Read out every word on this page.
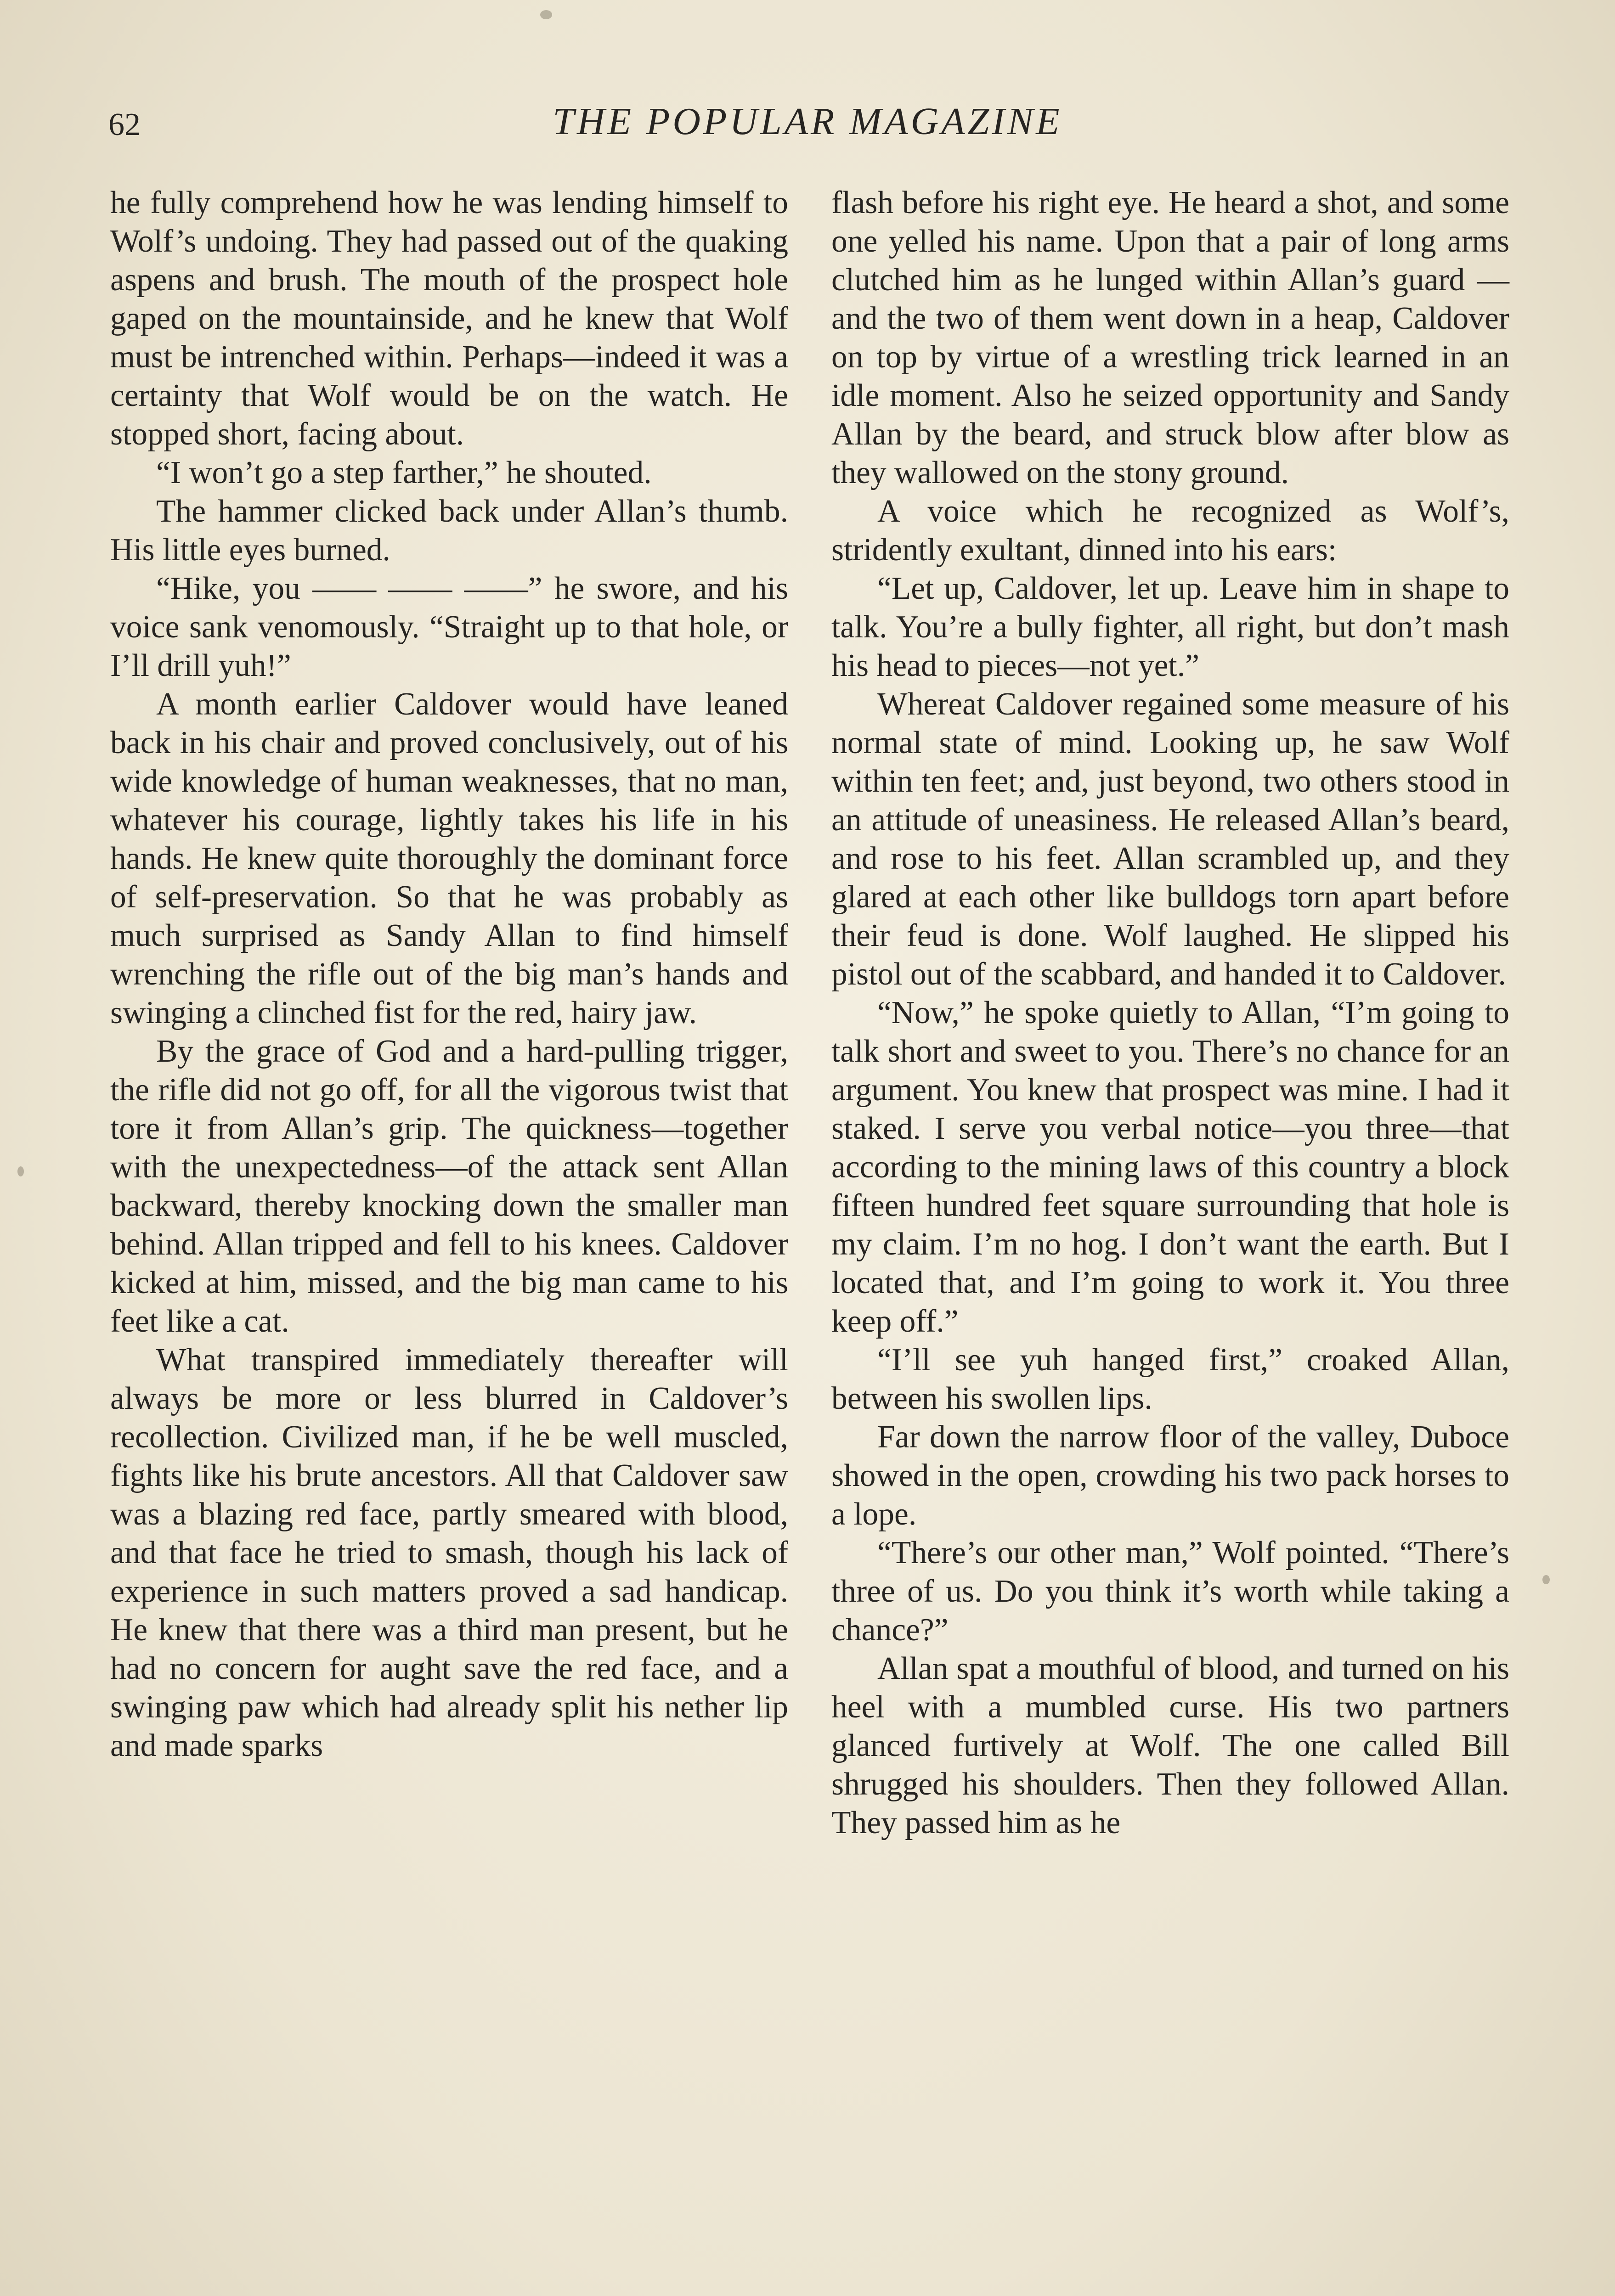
62	THE POPULAR MAGAZINE

he fully comprehend how he was lending himself to Wolf’s undoing. They had passed out of the quaking aspens and brush. The mouth of the prospect hole gaped on the mountainside, and he knew that Wolf must be intrenched within. Perhaps—indeed it was a certainty that Wolf would be on the watch. He stopped short, facing about.

“I won’t go a step farther,” he shouted.

The hammer clicked back under Allan’s thumb. His little eyes burned.

“Hike, you —— —— ——” he swore, and his voice sank venomously. “Straight up to that hole, or I’ll drill yuh!”

A month earlier Caldover would have leaned back in his chair and proved conclusively, out of his wide knowledge of human weaknesses, that no man, whatever his courage, lightly takes his life in his hands. He knew quite thoroughly the dominant force of self-preservation. So that he was probably as much surprised as Sandy Allan to find himself wrenching the rifle out of the big man’s hands and swinging a clinched fist for the red, hairy jaw.

By the grace of God and a hard-pulling trigger, the rifle did not go off, for all the vigorous twist that tore it from Allan’s grip. The quickness—together with the unexpectedness—of the attack sent Allan backward, thereby knocking down the smaller man behind. Allan tripped and fell to his knees. Caldover kicked at him, missed, and the big man came to his feet like a cat.

What transpired immediately thereafter will always be more or less blurred in Caldover’s recollection. Civilized man, if he be well muscled, fights like his brute ancestors. All that Caldover saw was a blazing red face, partly smeared with blood, and that face he tried to smash, though his lack of experience in such matters proved a sad handicap. He knew that there was a third man present, but he had no concern for aught save the red face, and a swinging paw which had already split his nether lip and made sparks

flash before his right eye. He heard a shot, and some one yelled his name. Upon that a pair of long arms clutched him as he lunged within Allan’s guard —and the two of them went down in a heap, Caldover on top by virtue of a wrestling trick learned in an idle moment. Also he seized opportunity and Sandy Allan by the beard, and struck blow after blow as they wallowed on the stony ground.

A voice which he recognized as Wolf’s, stridently exultant, dinned into his ears:

“Let up, Caldover, let up. Leave him in shape to talk. You’re a bully fighter, all right, but don’t mash his head to pieces—not yet.”

Whereat Caldover regained some measure of his normal state of mind. Looking up, he saw Wolf within ten feet; and, just beyond, two others stood in an attitude of uneasiness. He released Allan’s beard, and rose to his feet. Allan scrambled up, and they glared at each other like bulldogs torn apart before their feud is done. Wolf laughed. He slipped his pistol out of the scabbard, and handed it to Caldover.

“Now,” he spoke quietly to Allan, “I’m going to talk short and sweet to you. There’s no chance for an argument. You knew that prospect was mine. I had it staked. I serve you verbal notice—you three—that according to the mining laws of this country a block fifteen hundred feet square surrounding that hole is my claim. I’m no hog. I don’t want the earth. But I located that, and I’m going to work it. You three keep off.”

“I’ll see yuh hanged first,” croaked Allan, between his swollen lips.

Far down the narrow floor of the valley, Duboce showed in the open, crowding his two pack horses to a lope.

“There’s our other man,” Wolf pointed. “There’s three of us. Do you think it’s worth while taking a chance?”

Allan spat a mouthful of blood, and turned on his heel with a mumbled curse. His two partners glanced furtively at Wolf. The one called Bill shrugged his shoulders. Then they followed Allan. They passed him as he
